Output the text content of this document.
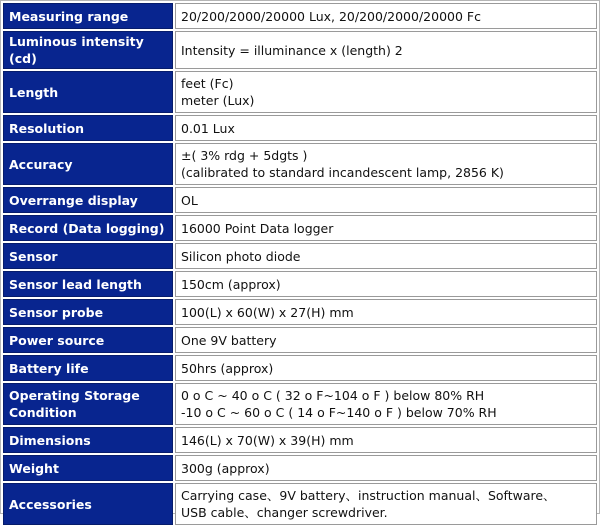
Measuring range	20/200/2000/20000 Lux, 20/200/2000/20000 Fc

Luminous intensity (cd)	Intensity = illuminance x (length) 2

Length	feet (Fc)
meter (Lux)

Resolution	0.01 Lux

Accuracy	±( 3% rdg + 5dgts )
(calibrated to standard incandescent lamp, 2856 K)

Overrange display	OL

Record (Data logging)	16000 Point Data logger

Sensor	Silicon photo diode

Sensor lead length	150cm (approx)

Sensor probe	100(L) x 60(W) x 27(H) mm

Power source	One 9V battery

Battery life	50hrs (approx)

Operating Storage Condition	0 o C ~ 40 o C ( 32 o F~104 o F ) below 80% RH
-10 o C ~ 60 o C ( 14 o F~140 o F ) below 70% RH

Dimensions	146(L) x 70(W) x 39(H) mm

Weight	300g (approx)

Accessories	Carrying case、9V battery、instruction manual、Software、
USB cable、changer screwdriver.
